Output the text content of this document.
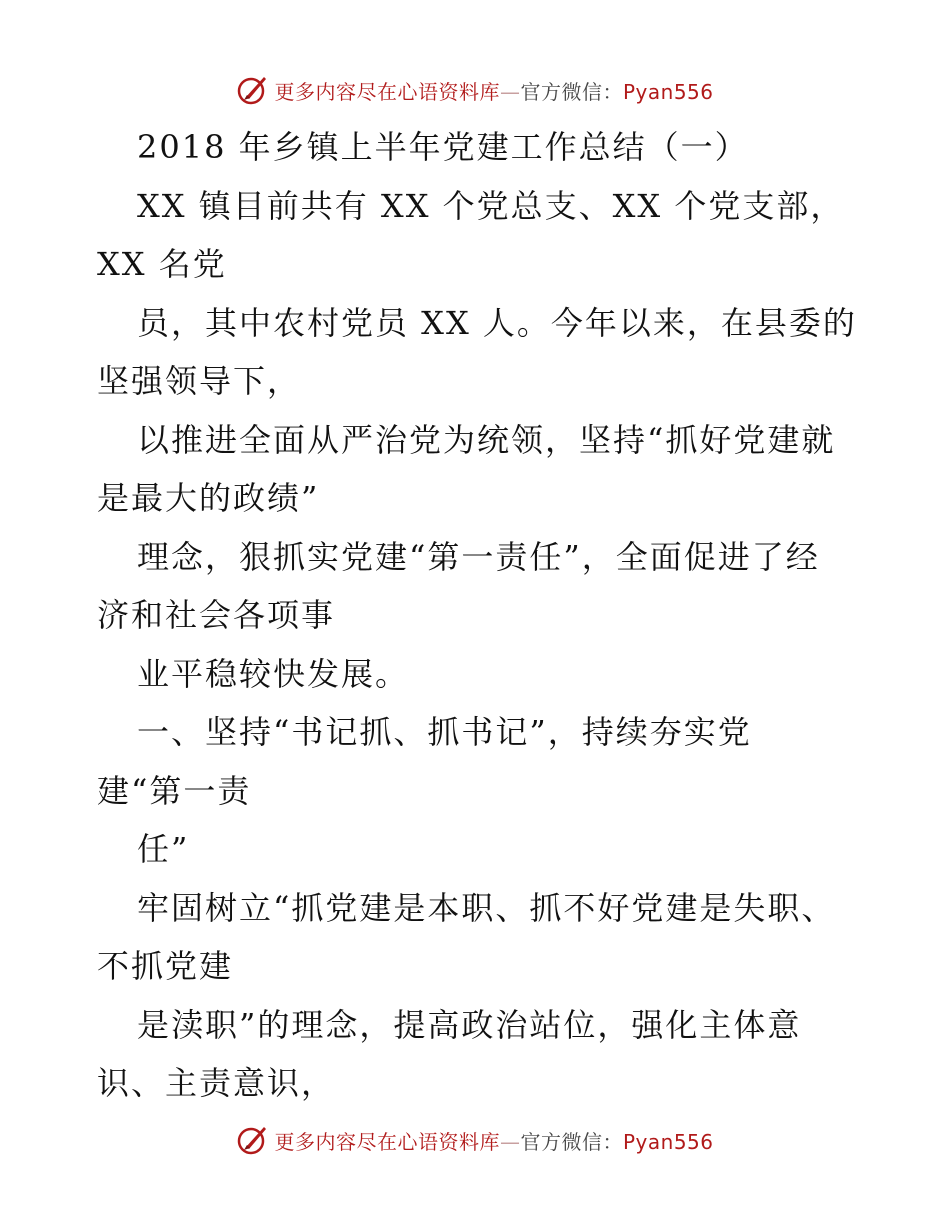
更多内容尽在心语资料库—官方微信：Pyan556
2018 年乡镇上半年党建工作总结（一）
XX 镇目前共有 XX 个党总支、XX 个党支部，
XX 名党
员，其中农村党员 XX 人。今年以来，在县委的
坚强领导下，
以推进全面从严治党为统领，坚持“抓好党建就
是最大的政绩”
理念，狠抓实党建“第一责任”，全面促进了经
济和社会各项事
业平稳较快发展。
一、坚持“书记抓、抓书记”，持续夯实党
建“第一责
任”
牢固树立“抓党建是本职、抓不好党建是失职、
不抓党建
是渎职”的理念，提高政治站位，强化主体意
识、主责意识，
更多内容尽在心语资料库—官方微信：Pyan556
